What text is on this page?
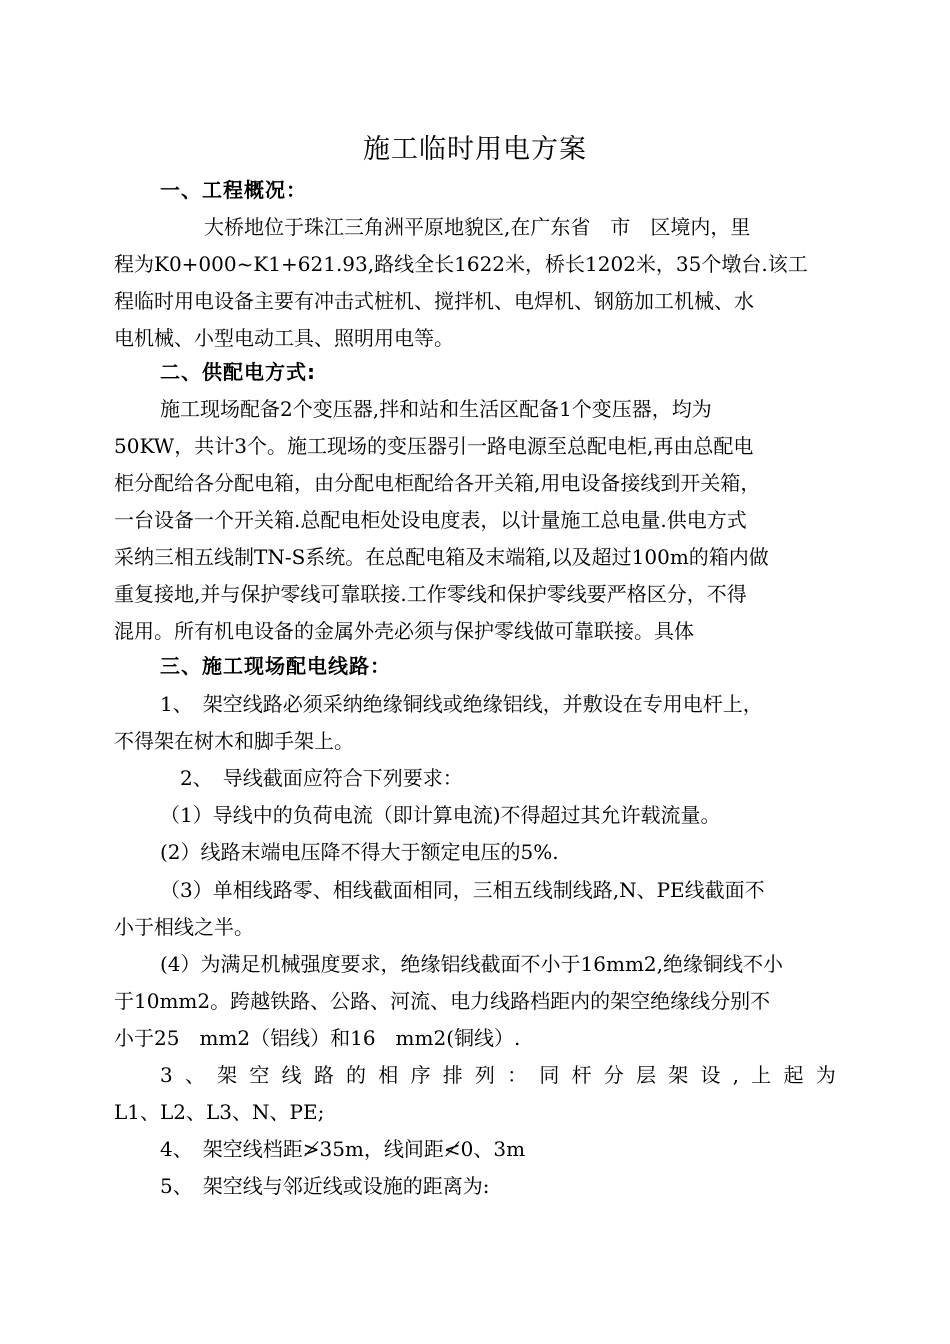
施工临时用电方案
一、工程概况：
大桥地位于珠江三角洲平原地貌区,在广东省　市　区境内，里
程为K0+000~K1+621.93,路线全长1622米，桥长1202米，35个墩台.该工
程临时用电设备主要有冲击式桩机、搅拌机、电焊机、钢筋加工机械、水
电机械、小型电动工具、照明用电等。
二、供配电方式:
施工现场配备2个变压器,拌和站和生活区配备1个变压器，均为
50KW，共计3个。施工现场的变压器引一路电源至总配电柜,再由总配电
柜分配给各分配电箱，由分配电柜配给各开关箱,用电设备接线到开关箱，
一台设备一个开关箱.总配电柜处设电度表，以计量施工总电量.供电方式
采纳三相五线制TN-S系统。在总配电箱及末端箱,以及超过100m的箱内做
重复接地,并与保护零线可靠联接.工作零线和保护零线要严格区分，不得
混用。所有机电设备的金属外壳必须与保护零线做可靠联接。具体
三、施工现场配电线路：
1、　架空线路必须采纳绝缘铜线或绝缘铝线，并敷设在专用电杆上，
不得架在树木和脚手架上。
2、　导线截面应符合下列要求：
（1）导线中的负荷电流（即计算电流)不得超过其允许载流量。
(2）线路末端电压降不得大于额定电压的5%.
（3）单相线路零、相线截面相同，三相五线制线路,N、PE线截面不
小于相线之半。
(4）为满足机械强度要求，绝缘铝线截面不小于16mm2,绝缘铜线不小
于10mm2。跨越铁路、公路、河流、电力线路档距内的架空绝缘线分别不
小于25　mm2（铝线）和16　mm2(铜线）.
3 、 架 空 线 路 的 相 序 排 列 ： 同 杆 分 层 架 设 , 上 起 为
L1、L2、L3、N、PE;
4、　架空线档距≯35m，线间距≮0、3m
5、　架空线与邻近线或设施的距离为:
